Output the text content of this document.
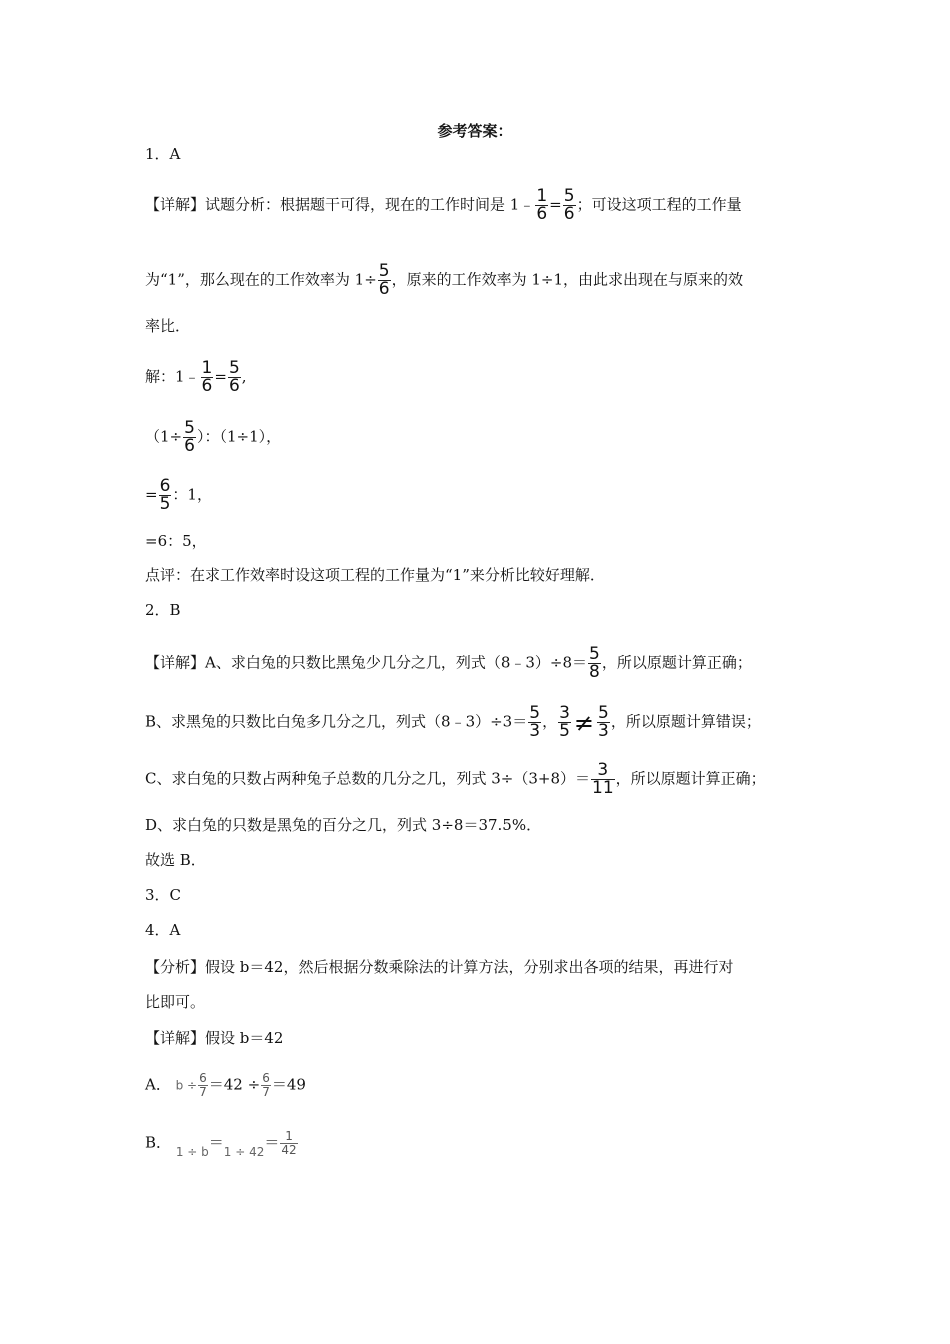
参考答案：
1．A
【详解】试题分析：根据题干可得，现在的工作时间是 1﹣ $\frac{1}{6} = \frac{5}{6}$ ；可设这项工程的工作量
为“1”，那么现在的工作效率为 $1\div \frac{5}{6}$ ，原来的工作效率为 1÷1，由此求出现在与原来的效
率比．
解：1﹣ $\frac{1}{6} = \frac{5}{6}$ ,
（$1\div \frac{5}{6}$ ）：（1÷1），
= $\frac{6}{5}$ ：1，
=6：5，
点评：在求工作效率时设这项工程的工作量为“1”来分析比较好理解．
2．B
【详解】A、求白兔的只数比黑兔少几分之几，列式（8﹣3）÷8＝ $\frac{5}{8}$ ，所以原题计算正确；
B、求黑兔的只数比白兔多几分之几，列式（8﹣3）÷3＝ $\frac{5}{3}$ ， $\frac{3}{5} \ne \frac{5}{3}$ ，所以原题计算错误；
C、求白兔的只数占两种兔子总数的几分之几，列式 $3\div(3+8)= \frac{3}{11}$ ，所以原题计算正确；
D、求白兔的只数是黑兔的百分之几，列式 3÷8＝37.5%．
故选 B．
3．C
4．A
【分析】假设 b＝42，然后根据分数乘除法的计算方法，分别求出各项的结果，再进行对
比即可。
【详解】假设 b＝42
A． $b \div \frac{6}{7} =42 \div \frac{6}{7} =49$
B． $_{1 \div b}=_{1 \div 42}= \frac{1}{42}$
